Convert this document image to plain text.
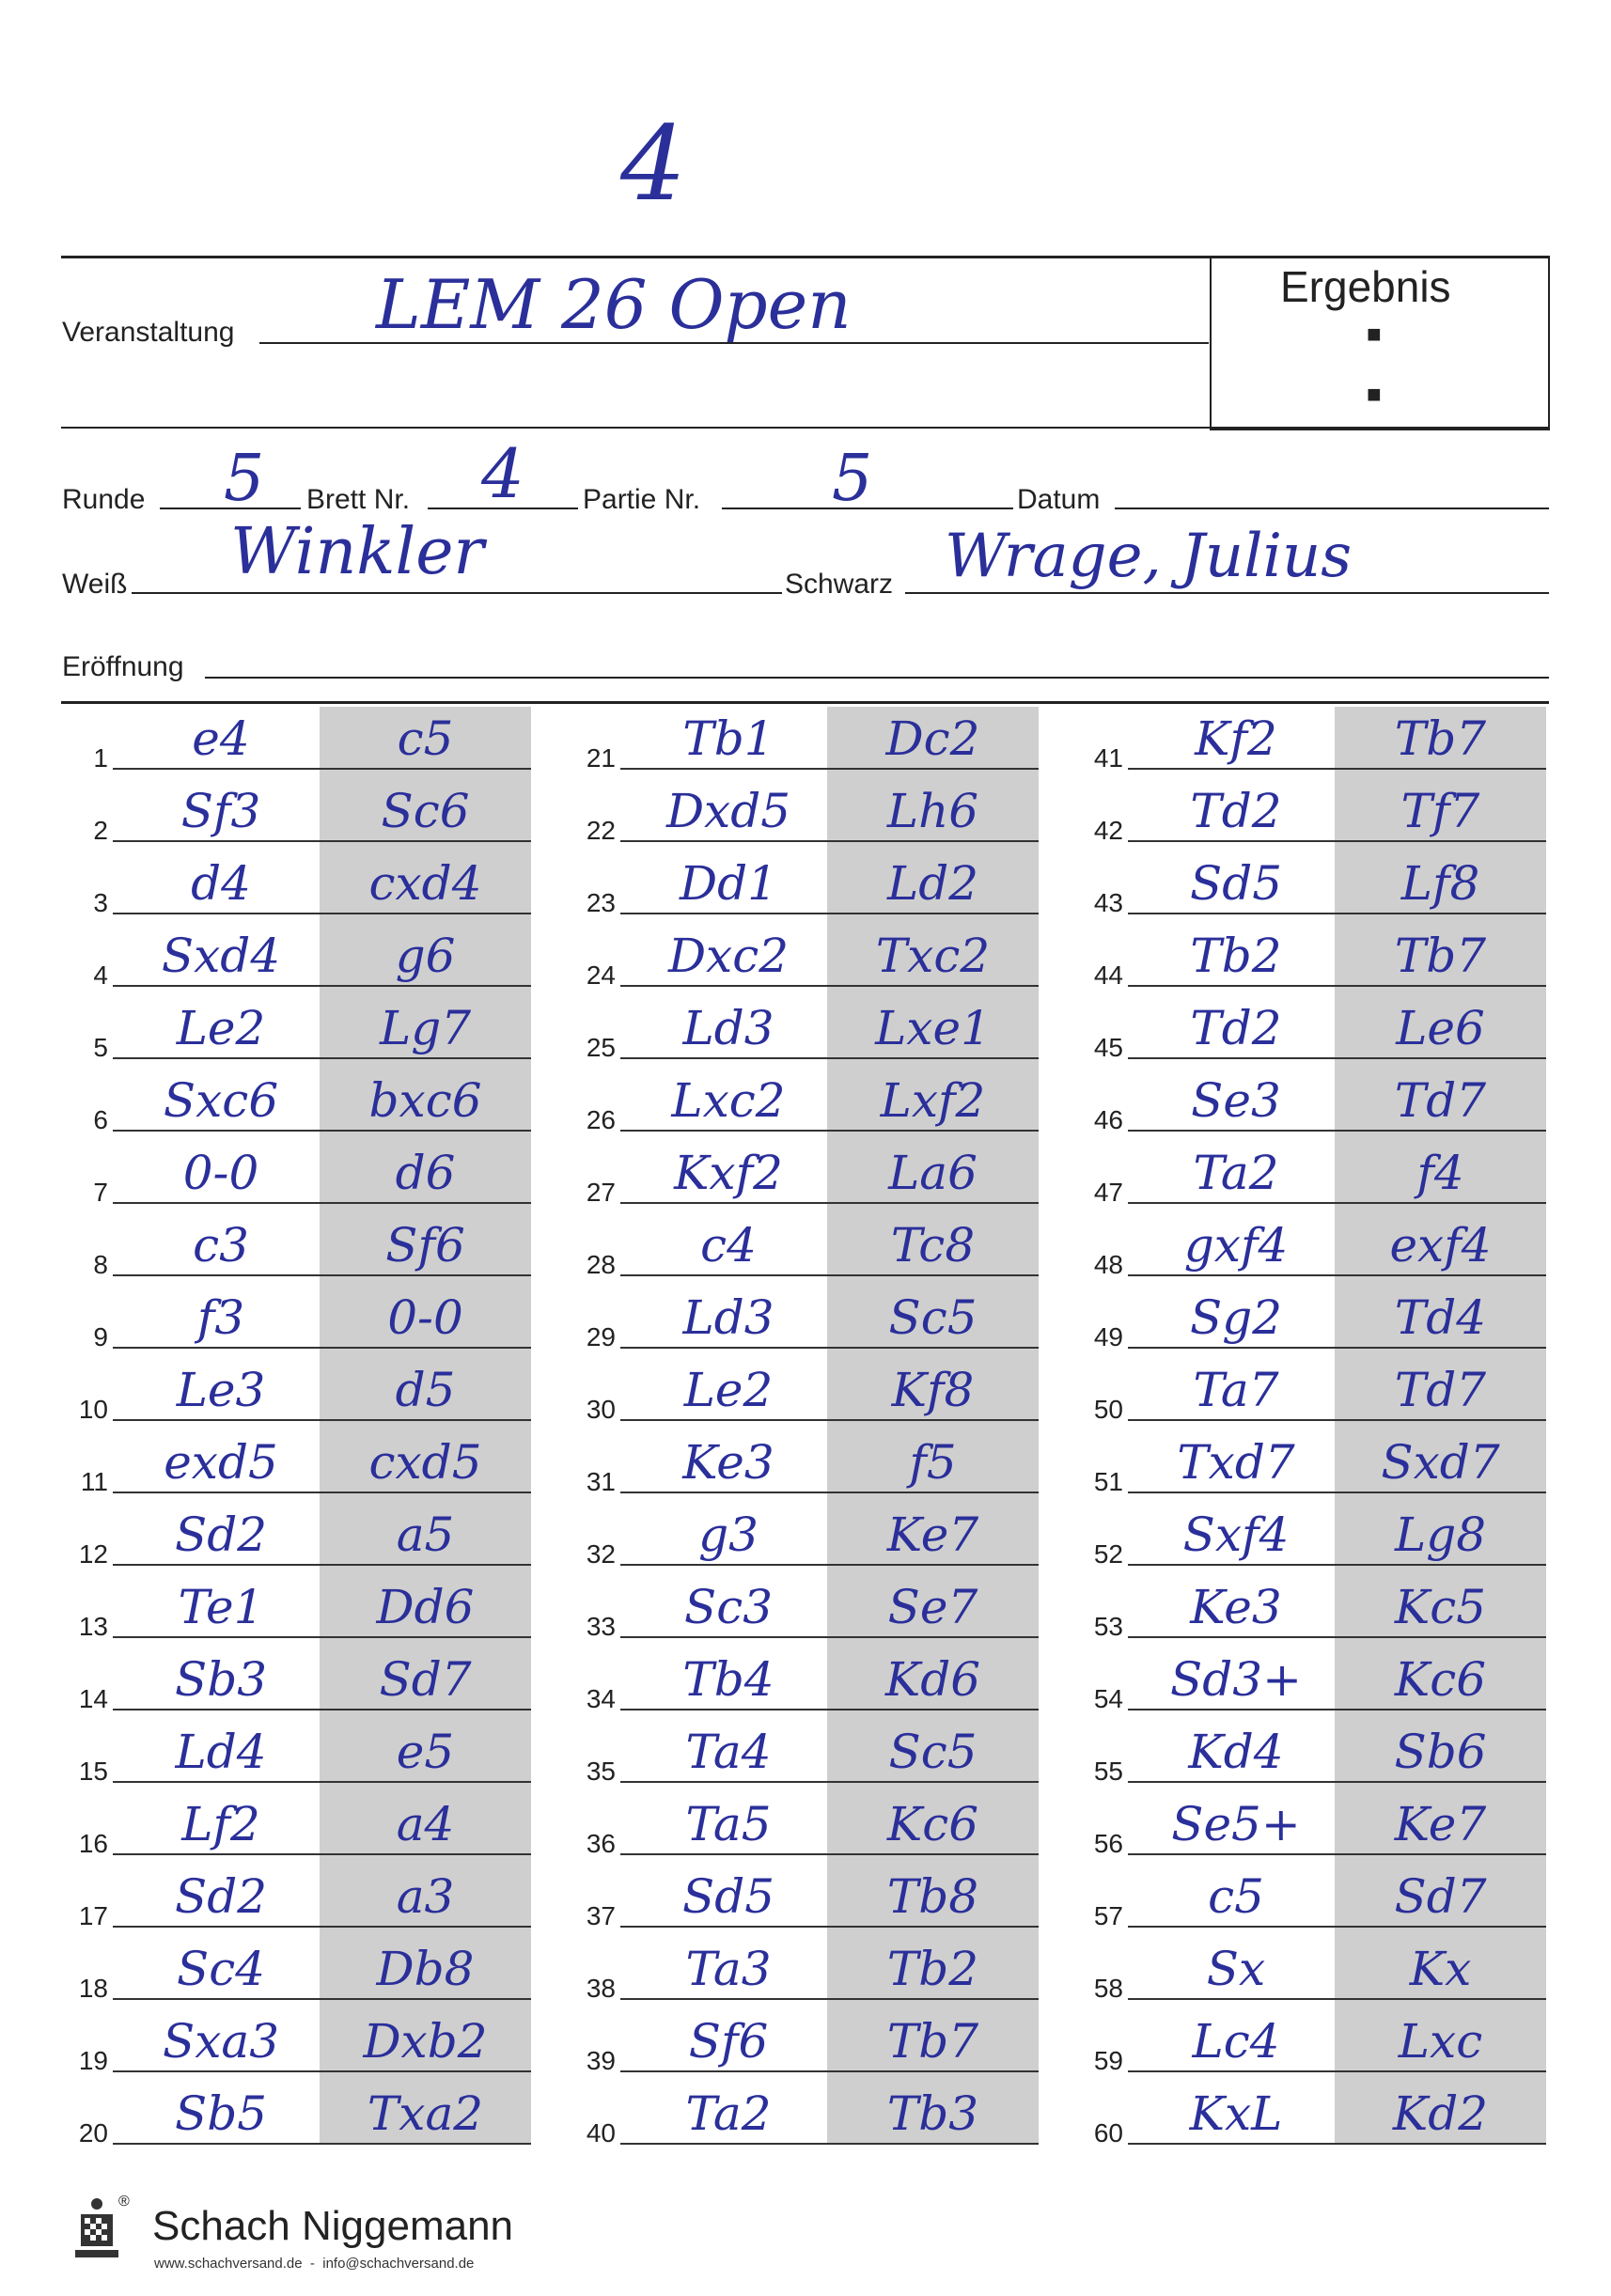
4
Ergebnis
■
■
Veranstaltung LEM 26 Open
Runde 5 Brett Nr. 4 Partie Nr. 5	Datum
Weiß Winkler	Schwarz Wrage, Julius
Eröffnung
1	e4	c5
2	Sf3	Sc6
3	d4	cxd4
4	Sxd4	g6
5	Le2	Lg7
6	Sxc6	bxc6
7	0-0	d6
8	c3	Sf6
9	f3	0-0
10	Le3	d5
11	exd5	cxd5
12	Sd2	a5
13	Te1	Dd6
14	Sb3	Sd7
15	Ld4	e5
16	Lf2	a4
17	Sd2	a3
18	Sc4	Db8
19	Sxa3	Dxb2
20	Sb5	Txa2
21	Tb1	Dc2
22	Dxd5	Lh6
23	Dd1	Ld2
24	Dxc2	Txc2
25	Ld3	Lxe1
26	Lxc2	Lxf2
27	Kxf2	La6
28	c4	Tc8
29	Ld3	Sc5
30	Le2	Kf8
31	Ke3	f5
32	g3	Ke7
33	Sc3	Se7
34	Tb4	Kd6
35	Ta4	Sc5
36	Ta5	Kc6
37	Sd5	Tb8
38	Ta3	Tb2
39	Sf6	Tb7
40	Ta2	Tb3
41	Kf2	Tb7
42	Td2	Tf7
43	Sd5	Lf8
44	Tb2	Tb7
45	Td2	Le6
46	Se3	Td7
47	Ta2	f4
48	gxf4	exf4
49	Sg2	Td4
50	Ta7	Td7
51	Txd7	Sxd7
52	Sxf4	Lg8
53	Ke3	Kc5
54	Sd3+	Kc6
55	Kd4	Sb6
56	Se5+	Ke7
57	c5	Sd7
58	Sx	Kx
59	Lc4	Lxc
60	KxL	Kd2
®
Schach Niggemann
www.schachversand.de  -  info@schachversand.de
